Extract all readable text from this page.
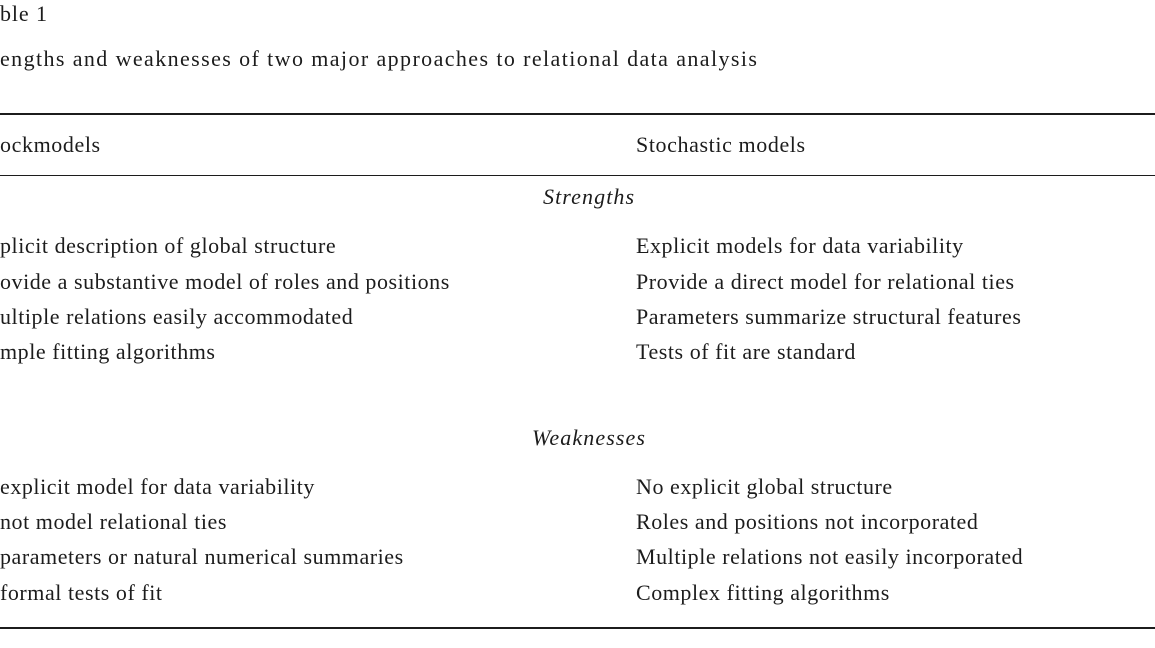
ble 1
engths and weaknesses of two major approaches to relational data analysis
ockmodels	Stochastic models
Strengths
plicit description of global structure	Explicit models for data variability
ovide a substantive model of roles and positions	Provide a direct model for relational ties
ultiple relations easily accommodated	Parameters summarize structural features
mple fitting algorithms	Tests of fit are standard
Weaknesses
explicit model for data variability	No explicit global structure
not model relational ties	Roles and positions not incorporated
parameters or natural numerical summaries	Multiple relations not easily incorporated
formal tests of fit	Complex fitting algorithms
